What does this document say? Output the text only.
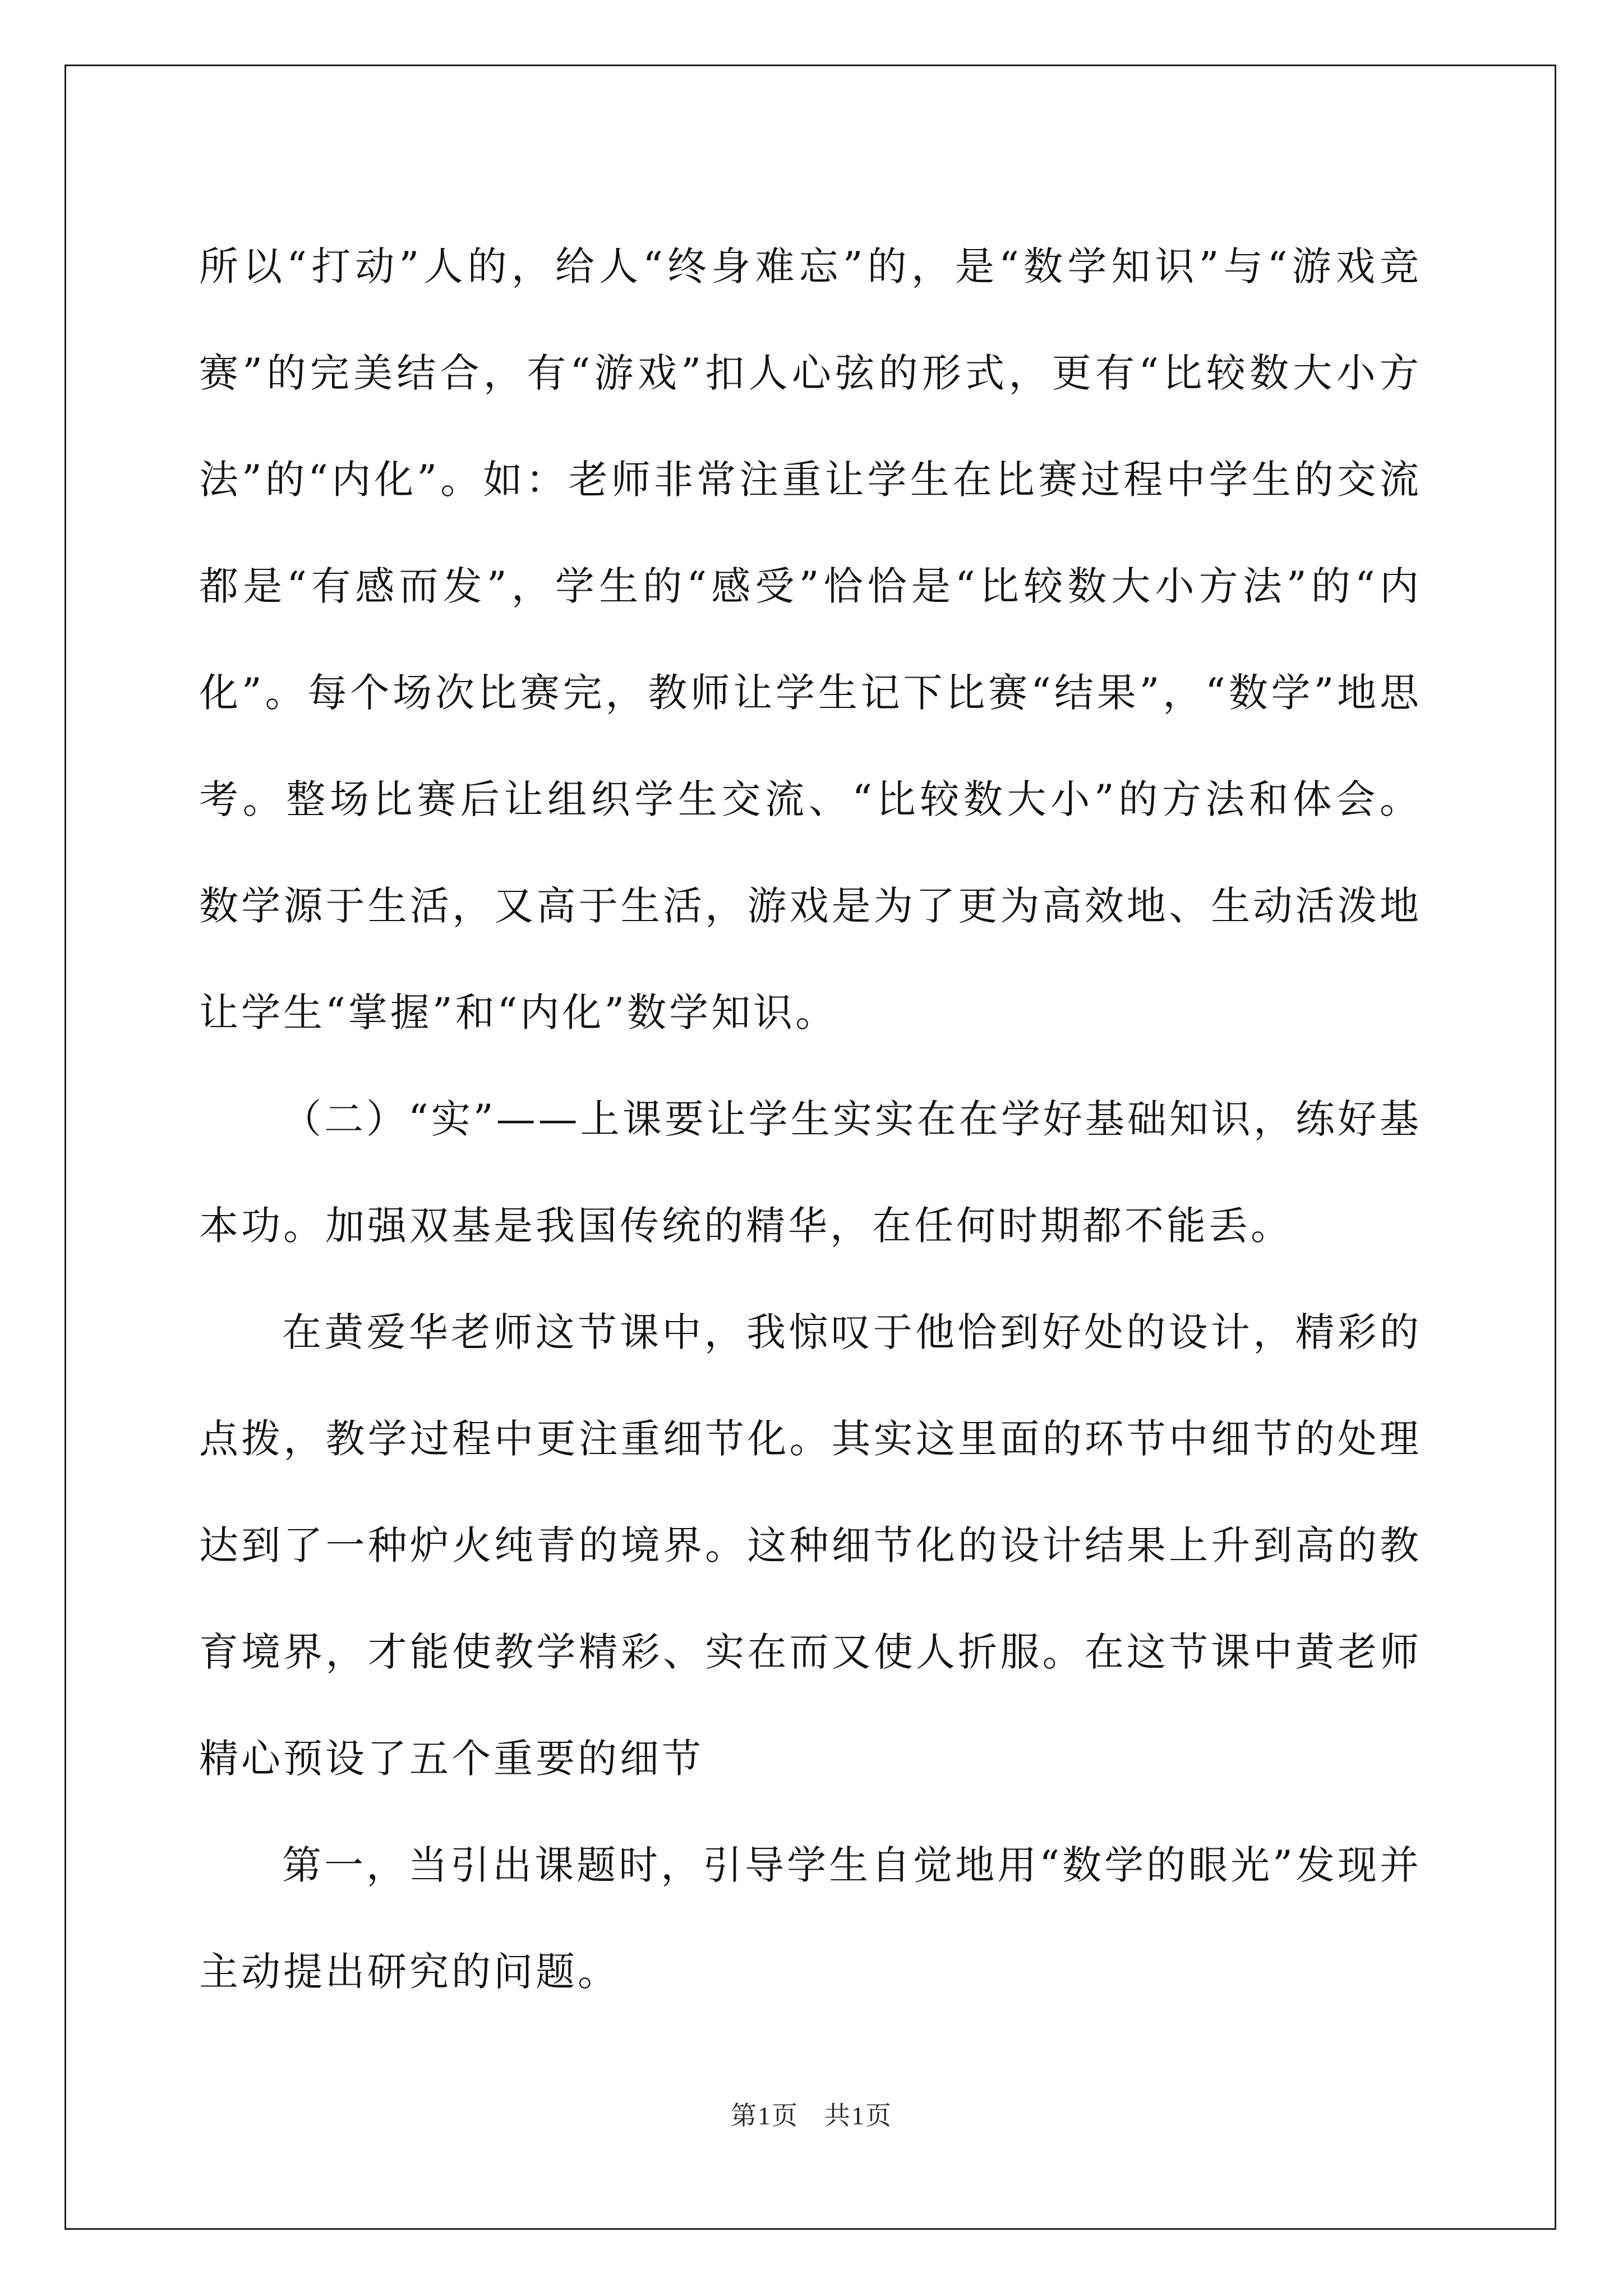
所以“打动”人的，给人“终身难忘”的，是“数学知识”与“游戏竞赛”的完美结合，有“游戏”扣人心弦的形式，更有“比较数大小方法”的“内化”。如：老师非常注重让学生在比赛过程中学生的交流都是“有感而发”，学生的“感受”恰恰是“比较数大小方法”的“内化”。每个场次比赛完，教师让学生记下比赛“结果”，“数学”地思考。整场比赛后让组织学生交流、“比较数大小”的方法和体会。数学源于生活，又高于生活，游戏是为了更为高效地、生动活泼地让学生“掌握”和“内化”数学知识。

（二）“实”——上课要让学生实实在在学好基础知识，练好基本功。加强双基是我国传统的精华，在任何时期都不能丢。

在黄爱华老师这节课中，我惊叹于他恰到好处的设计，精彩的点拨，教学过程中更注重细节化。其实这里面的环节中细节的处理达到了一种炉火纯青的境界。这种细节化的设计结果上升到高的教育境界，才能使教学精彩、实在而又使人折服。在这节课中黄老师精心预设了五个重要的细节

第一，当引出课题时，引导学生自觉地用“数学的眼光”发现并主动提出研究的问题。

第1页 共1页
